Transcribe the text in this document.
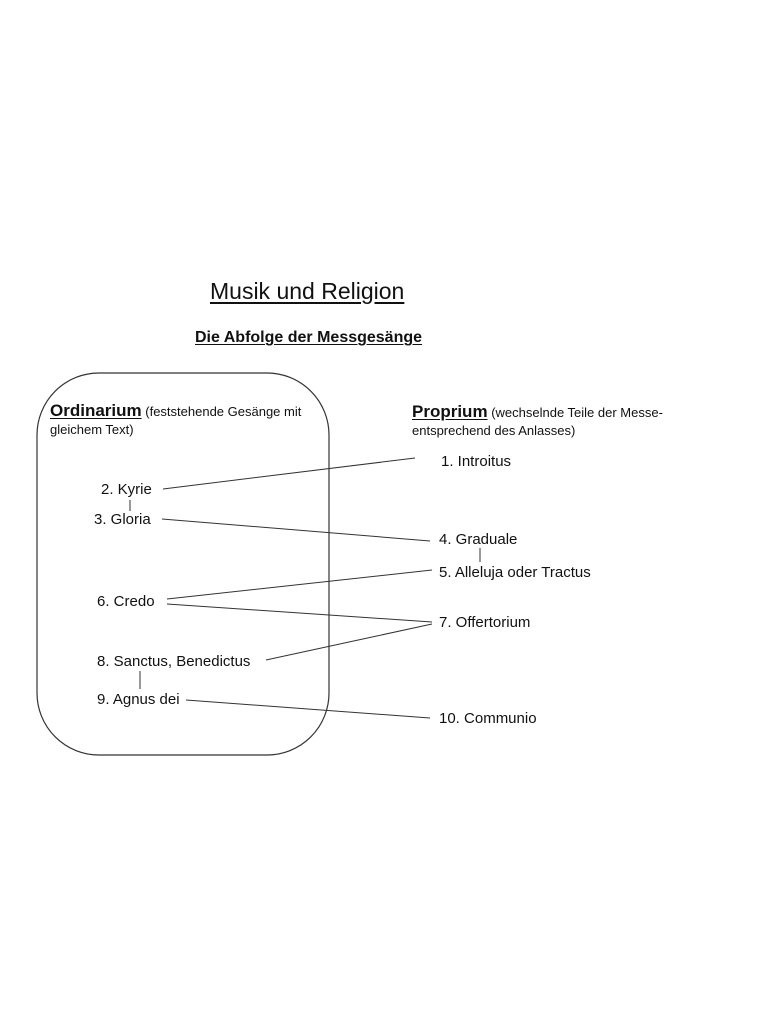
Musik und Religion
Die Abfolge der Messgesänge
Ordinarium (feststehende Gesänge mit gleichem Text)
Proprium (wechselnde Teile der Messe- entsprechend des Anlasses)
2. Kyrie
3. Gloria
6. Credo
8. Sanctus, Benedictus
9. Agnus dei
1. Introitus
4. Graduale
5. Alleluja oder Tractus
7. Offertorium
10. Communio
